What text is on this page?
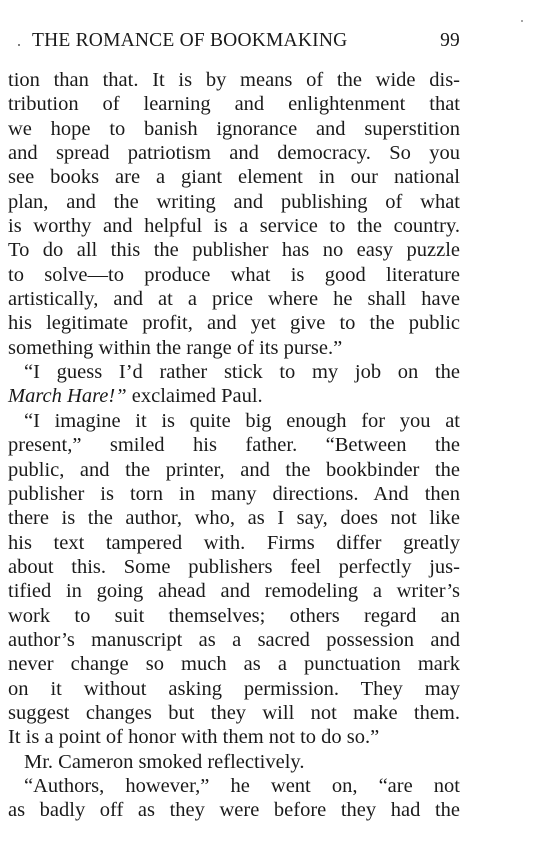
THE ROMANCE OF BOOKMAKING	99
tion than that. It is by means of the wide dis-
tribution of learning and enlightenment that
we hope to banish ignorance and superstition
and spread patriotism and democracy. So you
see books are a giant element in our national
plan, and the writing and publishing of what
is worthy and helpful is a service to the country.
To do all this the publisher has no easy puzzle
to solve—to produce what is good literature
artistically, and at a price where he shall have
his legitimate profit, and yet give to the public
something within the range of its purse.”
“I guess I’d rather stick to my job on the
March Hare!” exclaimed Paul.
“I imagine it is quite big enough for you at
present,” smiled his father. “Between the
public, and the printer, and the bookbinder the
publisher is torn in many directions. And then
there is the author, who, as I say, does not like
his text tampered with. Firms differ greatly
about this. Some publishers feel perfectly jus-
tified in going ahead and remodeling a writer’s
work to suit themselves; others regard an
author’s manuscript as a sacred possession and
never change so much as a punctuation mark
on it without asking permission. They may
suggest changes but they will not make them.
It is a point of honor with them not to do so.”
Mr. Cameron smoked reflectively.
“Authors, however,” he went on, “are not
as badly off as they were before they had the
